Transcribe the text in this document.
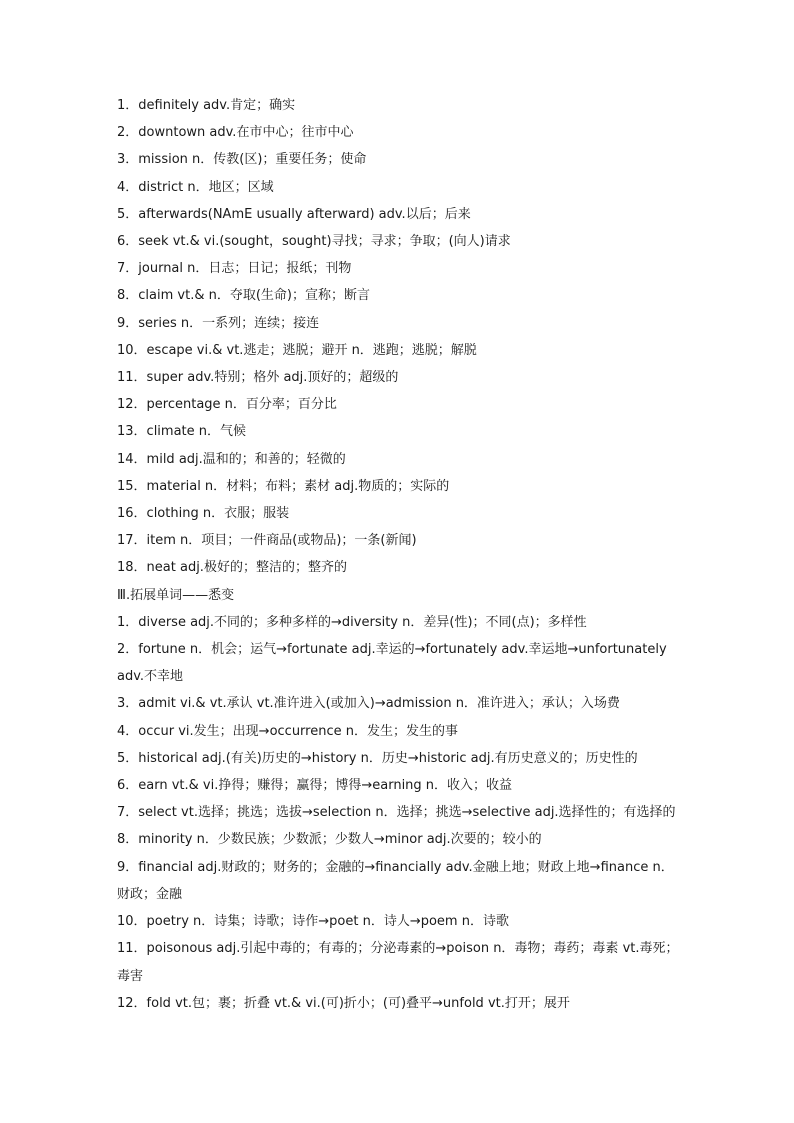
1．definitely adv.肯定；确实
2．downtown adv.在市中心；往市中心
3．mission n．传教(区)；重要任务；使命
4．district n．地区；区域
5．afterwards(NAmE usually afterward) adv.以后；后来
6．seek vt.& vi.(sought，sought)寻找；寻求；争取；(向人)请求
7．journal n．日志；日记；报纸；刊物
8．claim vt.& n．夺取(生命)；宣称；断言
9．series n．一系列；连续；接连
10．escape vi.& vt.逃走；逃脱；避开 n．逃跑；逃脱；解脱
11．super adv.特别；格外 adj.顶好的；超级的
12．percentage n．百分率；百分比
13．climate n．气候
14．mild adj.温和的；和善的；轻微的
15．material n．材料；布料；素材 adj.物质的；实际的
16．clothing n．衣服；服装
17．item n．项目；一件商品(或物品)；一条(新闻)
18．neat adj.极好的；整洁的；整齐的
Ⅲ.拓展单词——悉变
1．diverse adj.不同的；多种多样的→diversity n．差异(性)；不同(点)；多样性
2．fortune n．机会；运气→fortunate adj.幸运的→fortunately adv.幸运地→unfortunately adv.不幸地
3．admit vi.& vt.承认 vt.准许进入(或加入)→admission n．准许进入；承认；入场费
4．occur vi.发生；出现→occurrence n．发生；发生的事
5．historical adj.(有关)历史的→history n．历史→historic adj.有历史意义的；历史性的
6．earn vt.& vi.挣得；赚得；赢得；博得→earning n．收入；收益
7．select vt.选择；挑选；选拔→selection n．选择；挑选→selective adj.选择性的；有选择的
8．minority n．少数民族；少数派；少数人→minor adj.次要的；较小的
9．financial adj.财政的；财务的；金融的→financially adv.金融上地；财政上地→finance n．财政；金融
10．poetry n．诗集；诗歌；诗作→poet n．诗人→poem n．诗歌
11．poisonous adj.引起中毒的；有毒的；分泌毒素的→poison n．毒物；毒药；毒素 vt.毒死；毒害
12．fold vt.包；裹；折叠 vt.& vi.(可)折小；(可)叠平→unfold vt.打开；展开
